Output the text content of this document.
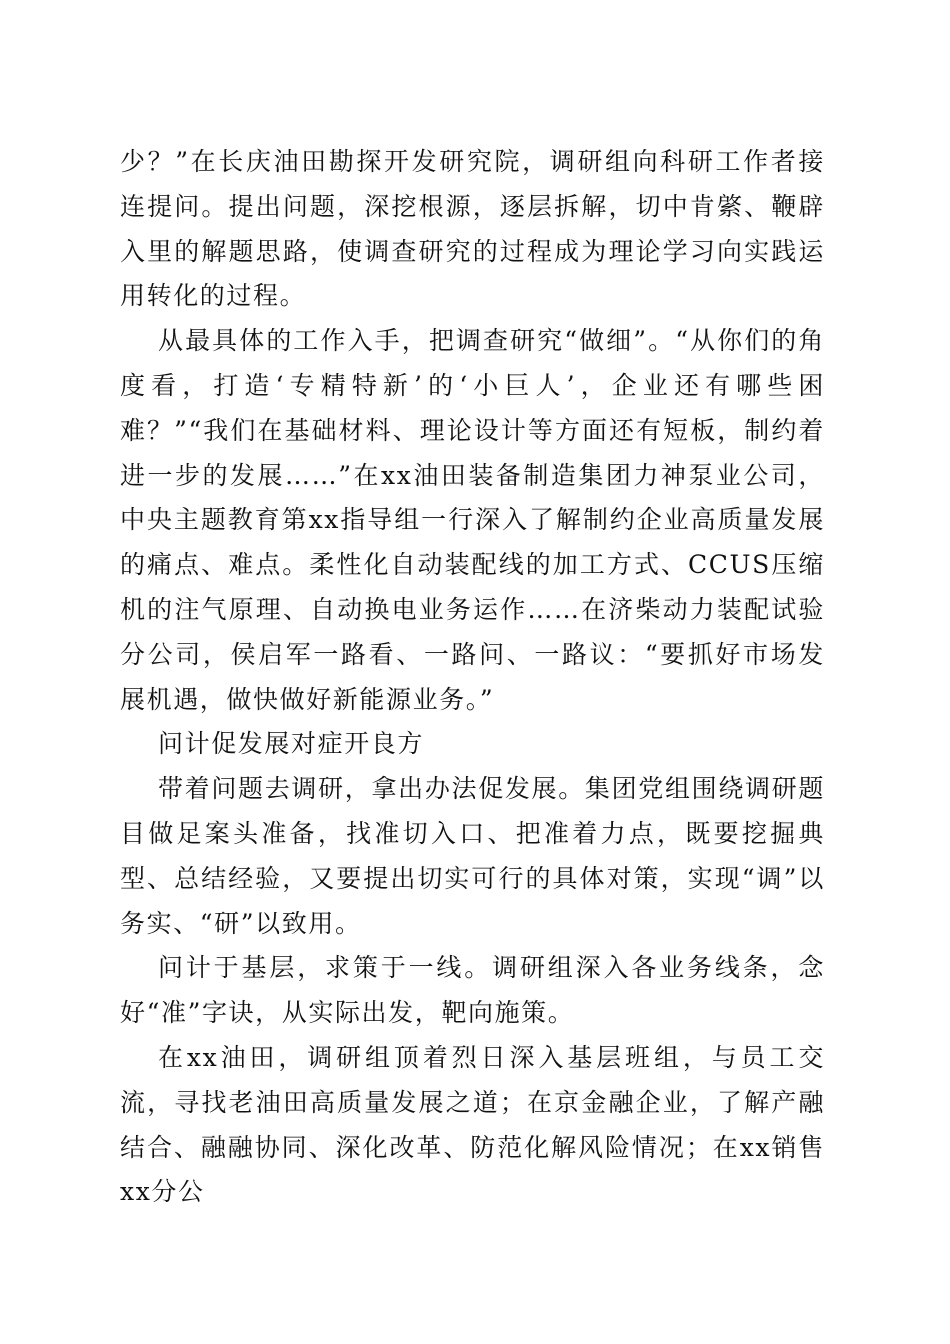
少？”在长庆油田勘探开发研究院，调研组向科研工作者接连提问。提出问题，深挖根源，逐层拆解，切中肯綮、鞭辟入里的解题思路，使调查研究的过程成为理论学习向实践运用转化的过程。

从最具体的工作入手，把调查研究“做细”。“从你们的角度看，打造‘专精特新’的‘小巨人’，企业还有哪些困难？”“我们在基础材料、理论设计等方面还有短板，制约着进一步的发展……”在xx油田装备制造集团力神泵业公司，中央主题教育第xx指导组一行深入了解制约企业高质量发展的痛点、难点。柔性化自动装配线的加工方式、CCUS压缩机的注气原理、自动换电业务运作……在济柴动力装配试验分公司，侯启军一路看、一路问、一路议：“要抓好市场发展机遇，做快做好新能源业务。”

问计促发展对症开良方

带着问题去调研，拿出办法促发展。集团党组围绕调研题目做足案头准备，找准切入口、把准着力点，既要挖掘典型、总结经验，又要提出切实可行的具体对策，实现“调”以务实、“研”以致用。

问计于基层，求策于一线。调研组深入各业务线条，念好“准”字诀，从实际出发，靶向施策。

在xx油田，调研组顶着烈日深入基层班组，与员工交流，寻找老油田高质量发展之道；在京金融企业，了解产融结合、融融协同、深化改革、防范化解风险情况；在xx销售xx分公
